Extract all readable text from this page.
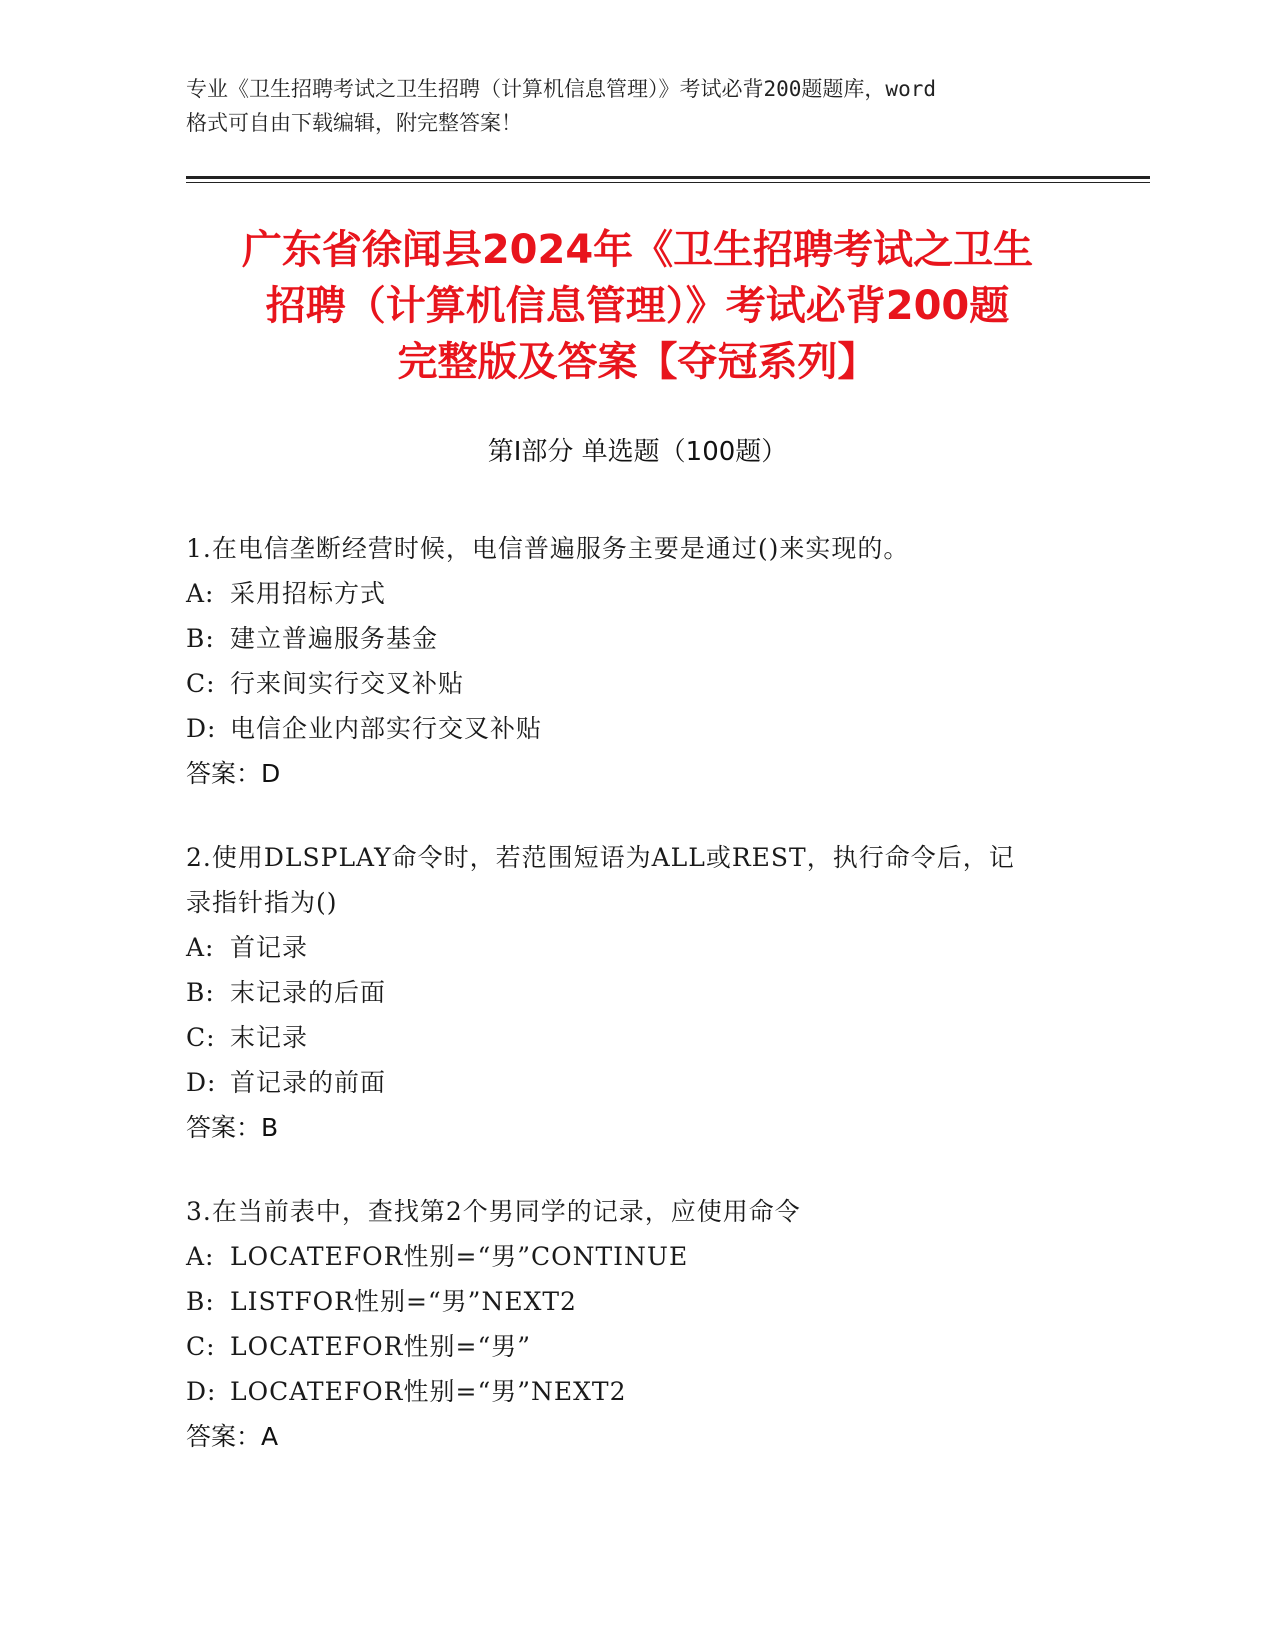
专业《卫生招聘考试之卫生招聘（计算机信息管理）》考试必背200题题库，word
格式可自由下载编辑，附完整答案！
广东省徐闻县2024年《卫生招聘考试之卫生
招聘（计算机信息管理）》考试必背200题
完整版及答案【夺冠系列】
第Ⅰ部分 单选题（100题）
1.在电信垄断经营时候，电信普遍服务主要是通过()来实现的。
A: 采用招标方式
B: 建立普遍服务基金
C: 行来间实行交叉补贴
D: 电信企业内部实行交叉补贴
答案：D
2.使用DLSPLAY命令时，若范围短语为ALL或REST，执行命令后，记
录指针指为()
A: 首记录
B: 末记录的后面
C: 末记录
D: 首记录的前面
答案：B
3.在当前表中，查找第2个男同学的记录，应使用命令
A: LOCATEFOR性别=“男”CONTINUE
B: LISTFOR性别=“男”NEXT2
C: LOCATEFOR性别=“男”
D: LOCATEFOR性别=“男”NEXT2
答案：A
